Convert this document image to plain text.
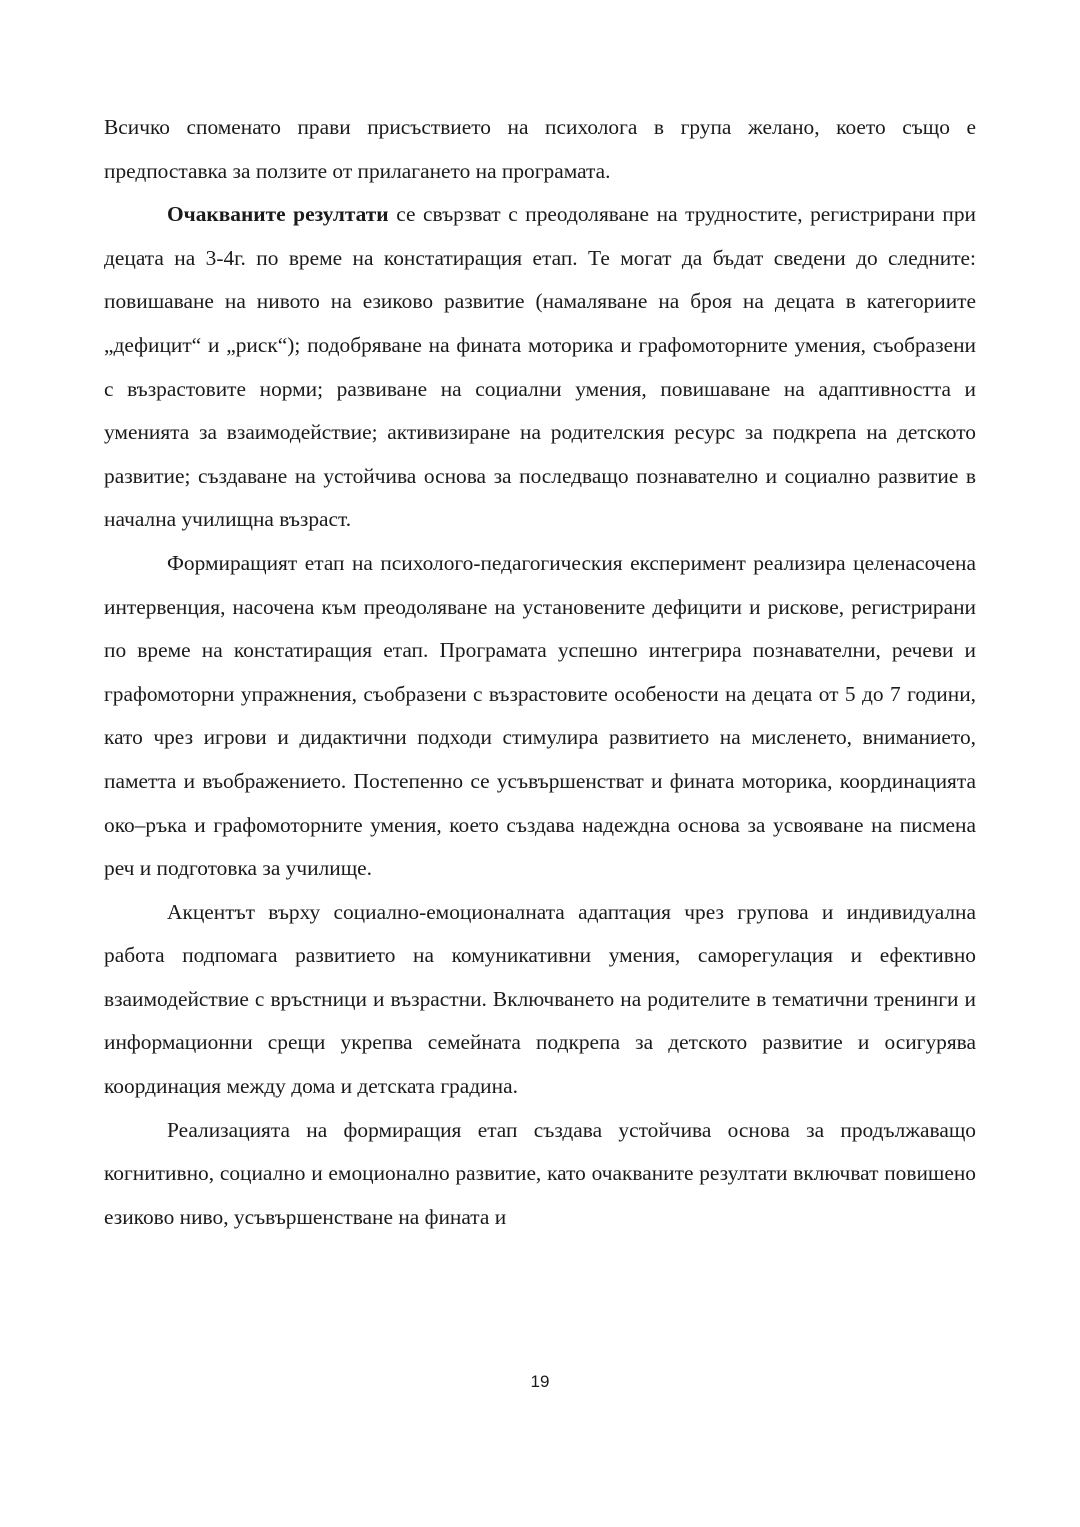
Всичко споменато прави присъствието на психолога в група желано, което също е предпоставка за ползите от прилагането на програмата.

Очакваните резултати се свързват с преодоляване на трудностите, регистрирани при децата на 3-4г. по време на констатиращия етап. Те могат да бъдат сведени до следните: повишаване на нивото на езиково развитие (намаляване на броя на децата в категориите „дефицит“ и „риск“); подобряване на фината моторика и графомоторните умения, съобразени с възрастовите норми; развиване на социални умения, повишаване на адаптивността и уменията за взаимодействие; активизиране на родителския ресурс за подкрепа на детското развитие; създаване на устойчива основа за последващо познавателно и социално развитие в начална училищна възраст.

Формиращият етап на психолого-педагогическия експеримент реализира целенасочена интервенция, насочена към преодоляване на установените дефицити и рискове, регистрирани по време на констатиращия етап. Програмата успешно интегрира познавателни, речеви и графомоторни упражнения, съобразени с възрастовите особености на децата от 5 до 7 години, като чрез игрови и дидактични подходи стимулира развитието на мисленето, вниманието, паметта и въображението. Постепенно се усъвършенстват и фината моторика, координацията око–ръка и графомоторните умения, което създава надеждна основа за усвояване на писмена реч и подготовка за училище.

Акцентът върху социално-емоционалната адаптация чрез групова и индивидуална работа подпомага развитието на комуникативни умения, саморегулация и ефективно взаимодействие с връстници и възрастни. Включването на родителите в тематични тренинги и информационни срещи укрепва семейната подкрепа за детското развитие и осигурява координация между дома и детската градина.

Реализацията на формиращия етап създава устойчива основа за продължаващо когнитивно, социално и емоционално развитие, като очакваните резултати включват повишено езиково ниво, усъвършенстване на фината и

19
